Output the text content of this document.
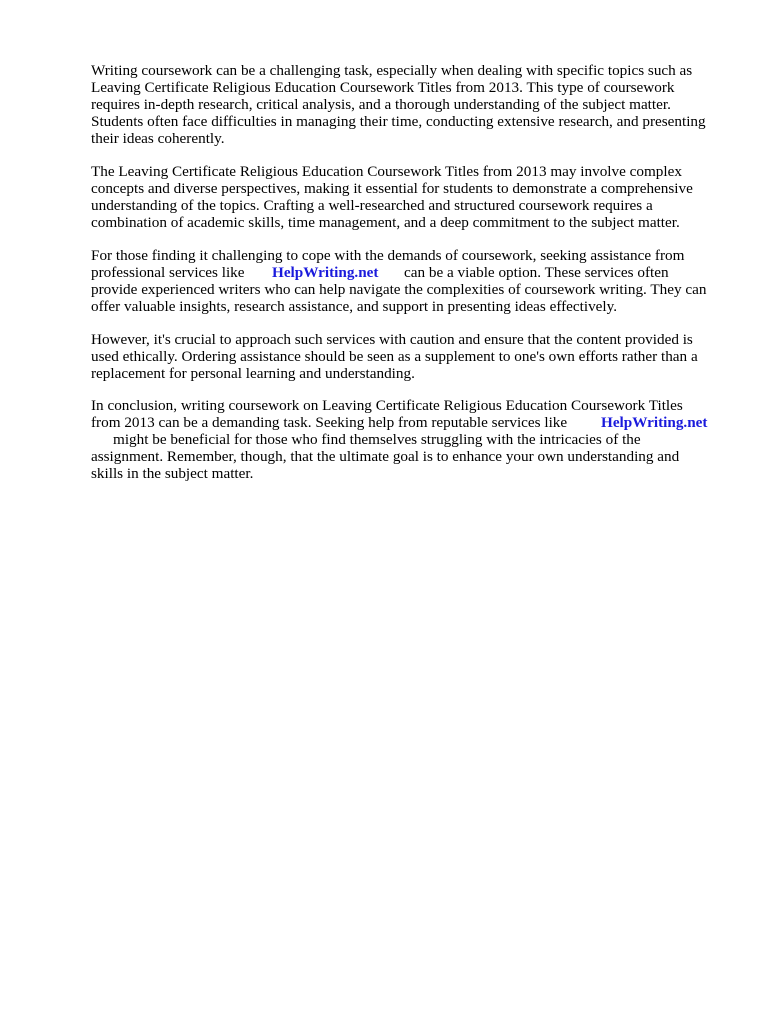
Writing coursework can be a challenging task, especially when dealing with specific topics such as
Leaving Certificate Religious Education Coursework Titles from 2013. This type of coursework
requires in-depth research, critical analysis, and a thorough understanding of the subject matter.
Students often face difficulties in managing their time, conducting extensive research, and presenting
their ideas coherently.
The Leaving Certificate Religious Education Coursework Titles from 2013 may involve complex
concepts and diverse perspectives, making it essential for students to demonstrate a comprehensive
understanding of the topics. Crafting a well-researched and structured coursework requires a
combination of academic skills, time management, and a deep commitment to the subject matter.
For those finding it challenging to cope with the demands of coursework, seeking assistance from
professional services like HelpWriting.net can be a viable option. These services often
provide experienced writers who can help navigate the complexities of coursework writing. They can
offer valuable insights, research assistance, and support in presenting ideas effectively.
However, it's crucial to approach such services with caution and ensure that the content provided is
used ethically. Ordering assistance should be seen as a supplement to one's own efforts rather than a
replacement for personal learning and understanding.
In conclusion, writing coursework on Leaving Certificate Religious Education Coursework Titles
from 2013 can be a demanding task. Seeking help from reputable services like HelpWriting.net
might be beneficial for those who find themselves struggling with the intricacies of the
assignment. Remember, though, that the ultimate goal is to enhance your own understanding and
skills in the subject matter.
